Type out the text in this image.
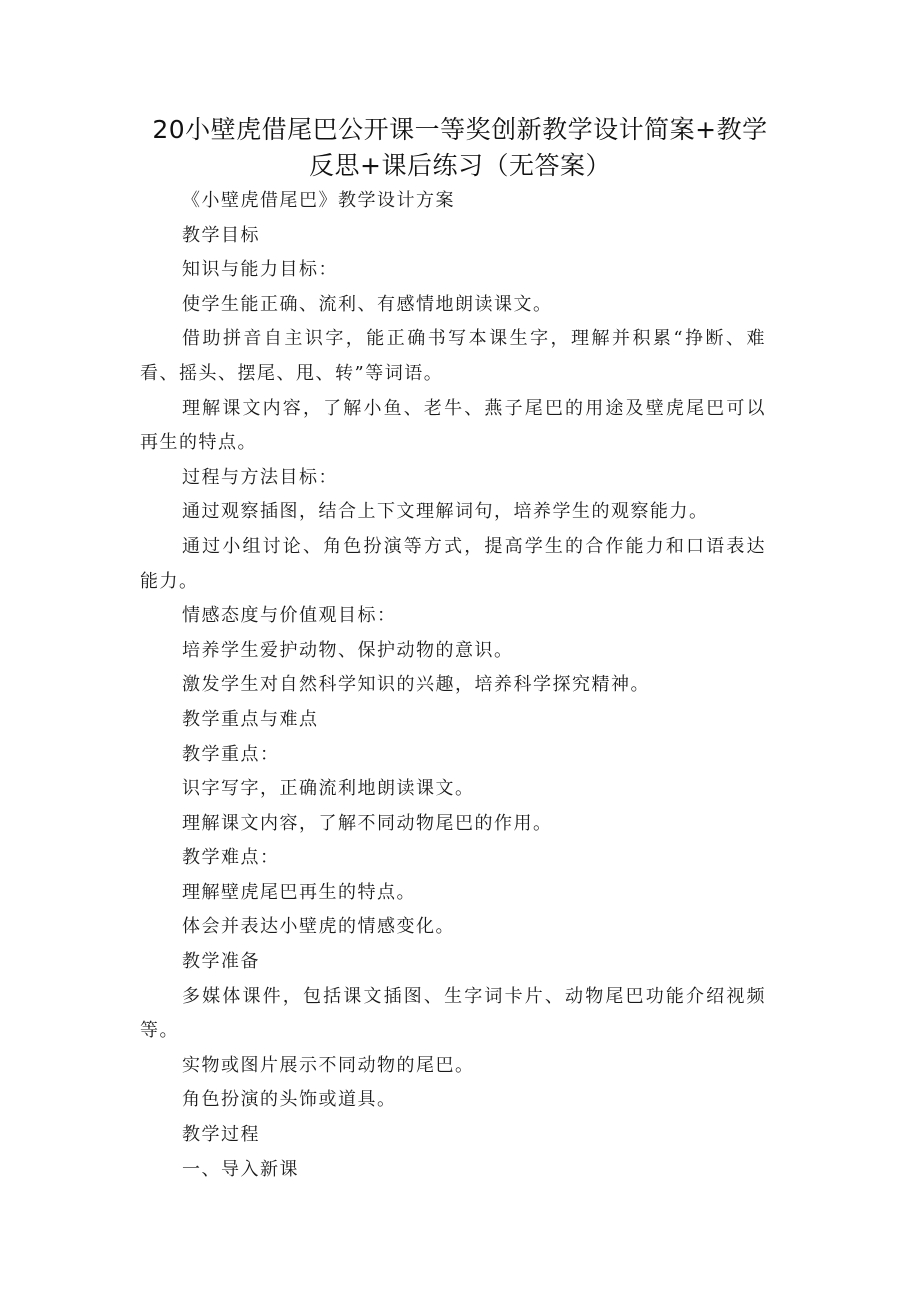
20小壁虎借尾巴公开课一等奖创新教学设计简案+教学反思+课后练习（无答案）

《小壁虎借尾巴》教学设计方案

教学目标

知识与能力目标：

使学生能正确、流利、有感情地朗读课文。

借助拼音自主识字，能正确书写本课生字，理解并积累“挣断、难看、摇头、摆尾、甩、转”等词语。

理解课文内容，了解小鱼、老牛、燕子尾巴的用途及壁虎尾巴可以再生的特点。

过程与方法目标：

通过观察插图，结合上下文理解词句，培养学生的观察能力。

通过小组讨论、角色扮演等方式，提高学生的合作能力和口语表达能力。

情感态度与价值观目标：

培养学生爱护动物、保护动物的意识。

激发学生对自然科学知识的兴趣，培养科学探究精神。

教学重点与难点

教学重点：

识字写字，正确流利地朗读课文。

理解课文内容，了解不同动物尾巴的作用。

教学难点：

理解壁虎尾巴再生的特点。

体会并表达小壁虎的情感变化。

教学准备

多媒体课件，包括课文插图、生字词卡片、动物尾巴功能介绍视频等。

实物或图片展示不同动物的尾巴。

角色扮演的头饰或道具。

教学过程

一、导入新课
